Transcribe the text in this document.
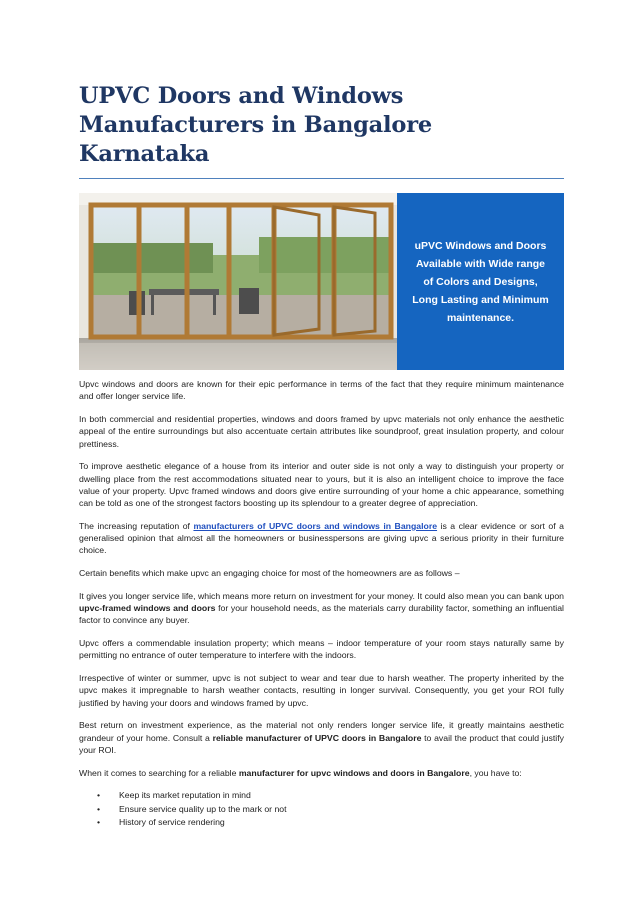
UPVC Doors and Windows
Manufacturers in Bangalore
Karnataka
uPVC Windows and Doors
Available with Wide range
of Colors and Designs,
Long Lasting and Minimum
maintenance.

Upvc windows and doors are known for their epic performance in terms of the fact that they require minimum maintenance and offer longer service life.

In both commercial and residential properties, windows and doors framed by upvc materials not only enhance the aesthetic appeal of the entire surroundings but also accentuate certain attributes like soundproof, great insulation property, and colour prettiness.

To improve aesthetic elegance of a house from its interior and outer side is not only a way to distinguish your property or dwelling place from the rest accommodations situated near to yours, but it is also an intelligent choice to improve the face value of your property. Upvc framed windows and doors give entire surrounding of your home a chic appearance, something can be told as one of the strongest factors boosting up its splendour to a greater degree of appreciation.

The increasing reputation of manufacturers of UPVC doors and windows in Bangalore is a clear evidence or sort of a generalised opinion that almost all the homeowners or businesspersons are giving upvc a serious priority in their furniture choice.

Certain benefits which make upvc an engaging choice for most of the homeowners are as follows –

It gives you longer service life, which means more return on investment for your money. It could also mean you can bank upon upvc-framed windows and doors for your household needs, as the materials carry durability factor, something an influential factor to convince any buyer.

Upvc offers a commendable insulation property; which means – indoor temperature of your room stays naturally same by permitting no entrance of outer temperature to interfere with the indoors.

Irrespective of winter or summer, upvc is not subject to wear and tear due to harsh weather. The property inherited by the upvc makes it impregnable to harsh weather contacts, resulting in longer survival. Consequently, you get your ROI fully justified by having your doors and windows framed by upvc.

Best return on investment experience, as the material not only renders longer service life, it greatly maintains aesthetic grandeur of your home. Consult a reliable manufacturer of UPVC doors in Bangalore to avail the product that could justify your ROI.

When it comes to searching for a reliable manufacturer for upvc windows and doors in Bangalore, you have to:

• Keep its market reputation in mind
• Ensure service quality up to the mark or not
• History of service rendering
